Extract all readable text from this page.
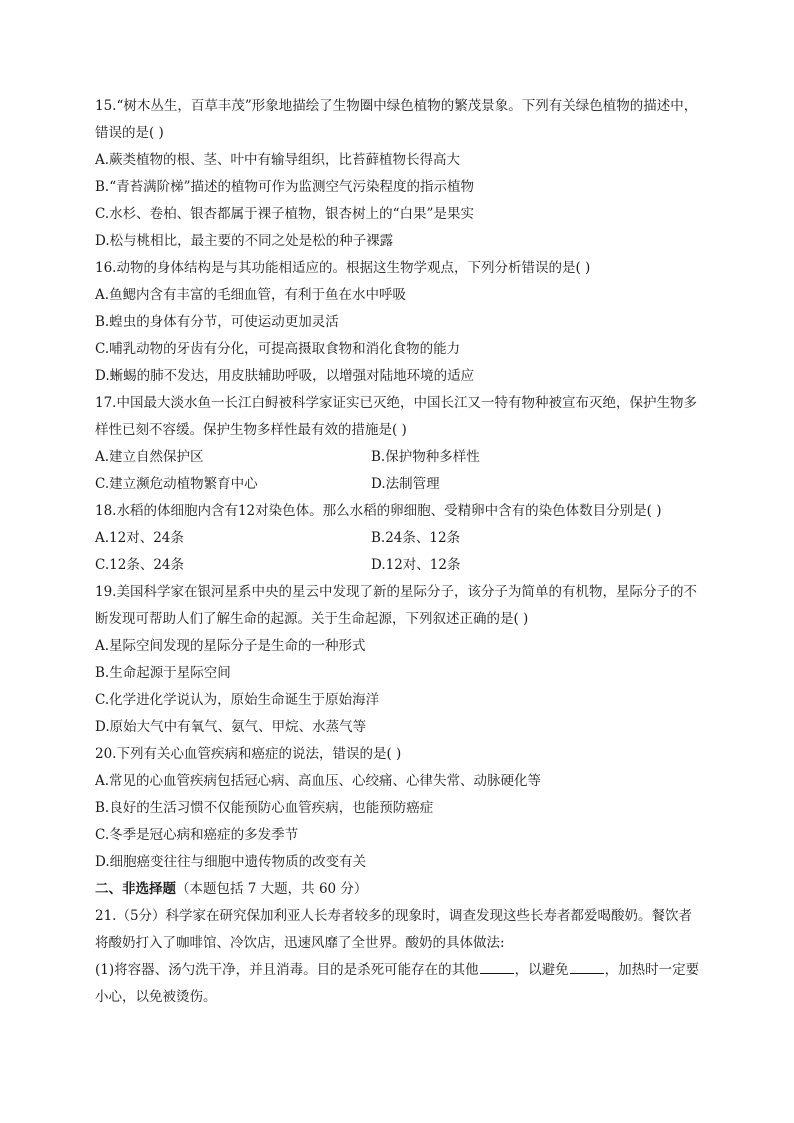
15.“树木丛生，百草丰茂”形象地描绘了生物圈中绿色植物的繁茂景象。下列有关绿色植物的描述中，错误的是( )
A.蕨类植物的根、茎、叶中有输导组织，比苔藓植物长得高大
B.“青苔满阶梯”描述的植物可作为监测空气污染程度的指示植物
C.水杉、卷柏、银杏都属于裸子植物，银杏树上的“白果”是果实
D.松与桃相比，最主要的不同之处是松的种子裸露
16.动物的身体结构是与其功能相适应的。根据这生物学观点，下列分析错误的是( )
A.鱼鳃内含有丰富的毛细血管，有利于鱼在水中呼吸
B.蝗虫的身体有分节，可使运动更加灵活
C.哺乳动物的牙齿有分化，可提高摄取食物和消化食物的能力
D.蜥蜴的肺不发达，用皮肤辅助呼吸，以增强对陆地环境的适应
17.中国最大淡水鱼一长江白鲟被科学家证实已灭绝，中国长江又一特有物种被宣布灭绝，保护生物多样性已刻不容缓。保护生物多样性最有效的措施是( )
A.建立自然保护区	B.保护物种多样性
C.建立濒危动植物繁育中心	D.法制管理
18.水稻的体细胞内含有12对染色体。那么水稻的卵细胞、受精卵中含有的染色体数目分别是( )
A.12对、24条	B.24条、12条
C.12条、24条	D.12对、12条
19.美国科学家在银河星系中央的星云中发现了新的星际分子，该分子为简单的有机物，星际分子的不断发现可帮助人们了解生命的起源。关于生命起源，下列叙述正确的是( )
A.星际空间发现的星际分子是生命的一种形式
B.生命起源于星际空间
C.化学进化学说认为，原始生命诞生于原始海洋
D.原始大气中有氧气、氨气、甲烷、水蒸气等
20.下列有关心血管疾病和癌症的说法，错误的是( )
A.常见的心血管疾病包括冠心病、高血压、心绞痛、心律失常、动脉硬化等
B.良好的生活习惯不仅能预防心血管疾病，也能预防癌症
C.冬季是冠心病和癌症的多发季节
D.细胞癌变往往与细胞中遗传物质的改变有关
二、非选择题（本题包括 7 大题，共 60 分）
21.（5分）科学家在研究保加利亚人长寿者较多的现象时，调查发现这些长寿者都爱喝酸奶。餐饮者将酸奶打入了咖啡馆、冷饮店，迅速风靡了全世界。酸奶的具体做法:
(1)将容器、汤勺洗干净，并且消毒。目的是杀死可能存在的其他	，以避免	，加热时一定要小心，以免被烫伤。
